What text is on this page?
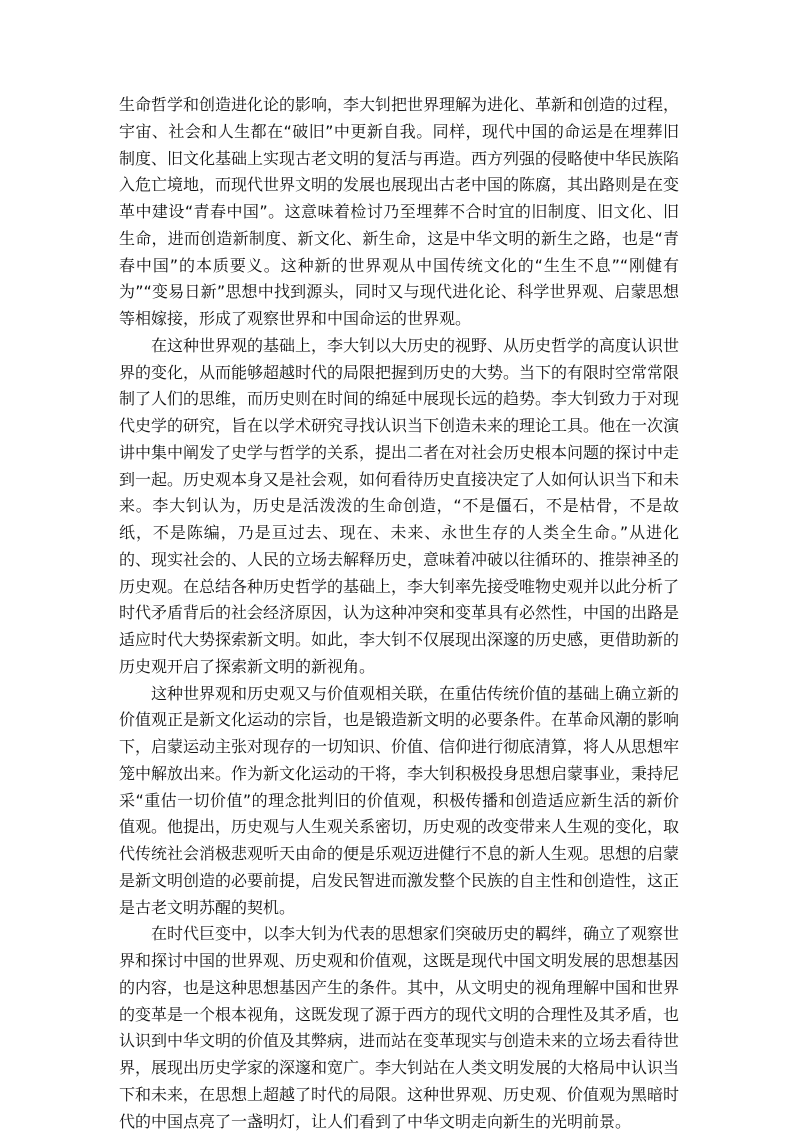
生命哲学和创造进化论的影响，李大钊把世界理解为进化、革新和创造的过程，宇宙、社会和人生都在“破旧”中更新自我。同样，现代中国的命运是在埋葬旧制度、旧文化基础上实现古老文明的复活与再造。西方列强的侵略使中华民族陷入危亡境地，而现代世界文明的发展也展现出古老中国的陈腐，其出路则是在变革中建设“青春中国”。这意味着检讨乃至埋葬不合时宜的旧制度、旧文化、旧生命，进而创造新制度、新文化、新生命，这是中华文明的新生之路，也是“青春中国”的本质要义。这种新的世界观从中国传统文化的“生生不息”“刚健有为”“变易日新”思想中找到源头，同时又与现代进化论、科学世界观、启蒙思想等相嫁接，形成了观察世界和中国命运的世界观。

在这种世界观的基础上，李大钊以大历史的视野、从历史哲学的高度认识世界的变化，从而能够超越时代的局限把握到历史的大势。当下的有限时空常常限制了人们的思维，而历史则在时间的绵延中展现长远的趋势。李大钊致力于对现代史学的研究，旨在以学术研究寻找认识当下创造未来的理论工具。他在一次演讲中集中阐发了史学与哲学的关系，提出二者在对社会历史根本问题的探讨中走到一起。历史观本身又是社会观，如何看待历史直接决定了人如何认识当下和未来。李大钊认为，历史是活泼泼的生命创造，“不是僵石，不是枯骨，不是故纸，不是陈编，乃是亘过去、现在、未来、永世生存的人类全生命。”从进化的、现实社会的、人民的立场去解释历史，意味着冲破以往循环的、推崇神圣的历史观。在总结各种历史哲学的基础上，李大钊率先接受唯物史观并以此分析了时代矛盾背后的社会经济原因，认为这种冲突和变革具有必然性，中国的出路是适应时代大势探索新文明。如此，李大钊不仅展现出深邃的历史感，更借助新的历史观开启了探索新文明的新视角。

这种世界观和历史观又与价值观相关联，在重估传统价值的基础上确立新的价值观正是新文化运动的宗旨，也是锻造新文明的必要条件。在革命风潮的影响下，启蒙运动主张对现存的一切知识、价值、信仰进行彻底清算，将人从思想牢笼中解放出来。作为新文化运动的干将，李大钊积极投身思想启蒙事业，秉持尼采“重估一切价值”的理念批判旧的价值观，积极传播和创造适应新生活的新价值观。他提出，历史观与人生观关系密切，历史观的改变带来人生观的变化，取代传统社会消极悲观听天由命的便是乐观迈进健行不息的新人生观。思想的启蒙是新文明创造的必要前提，启发民智进而激发整个民族的自主性和创造性，这正是古老文明苏醒的契机。

在时代巨变中，以李大钊为代表的思想家们突破历史的羁绊，确立了观察世界和探讨中国的世界观、历史观和价值观，这既是现代中国文明发展的思想基因的内容，也是这种思想基因产生的条件。其中，从文明史的视角理解中国和世界的变革是一个根本视角，这既发现了源于西方的现代文明的合理性及其矛盾，也认识到中华文明的价值及其弊病，进而站在变革现实与创造未来的立场去看待世界，展现出历史学家的深邃和宽广。李大钊站在人类文明发展的大格局中认识当下和未来，在思想上超越了时代的局限。这种世界观、历史观、价值观为黑暗时代的中国点亮了一盏明灯，让人们看到了中华文明走向新生的光明前景。
